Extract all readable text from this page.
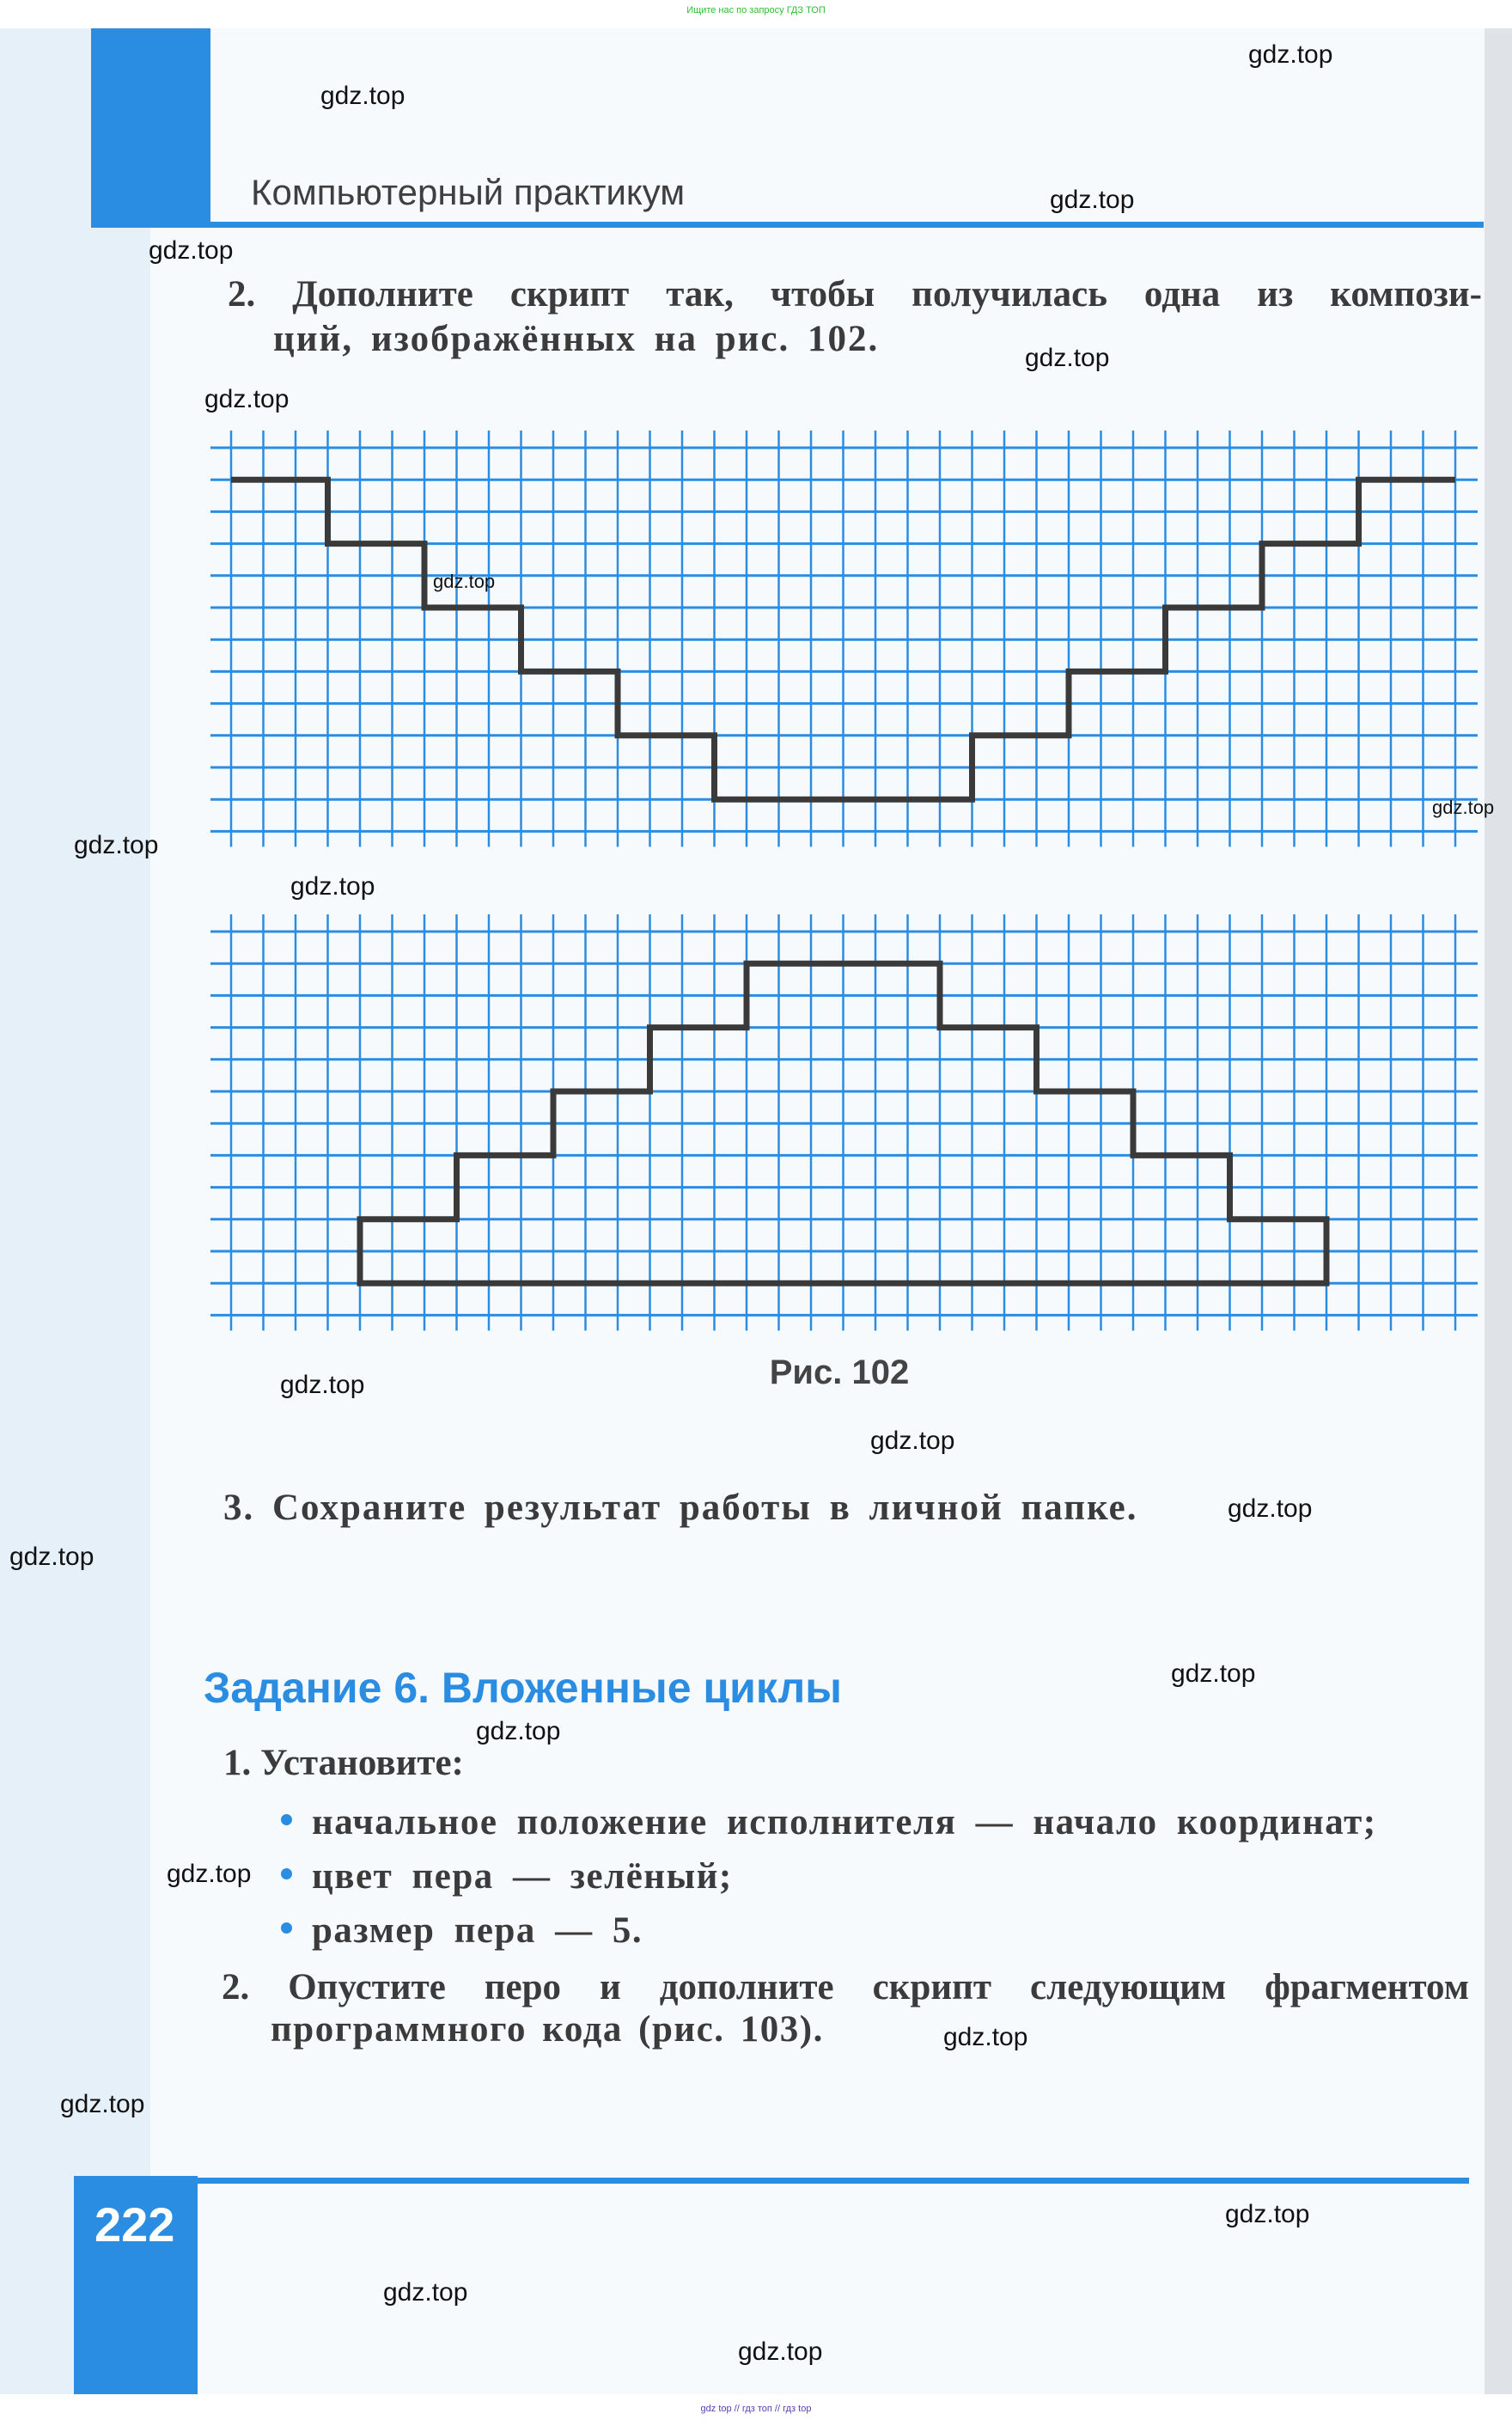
Ищите нас по запросу ГДЗ ТОП
Компьютерный практикум
2. Дополните скрипт так, чтобы получилась одна из компози-
ций, изображённых на рис. 102.
Рис. 102
3. Сохраните результат работы в личной папке.
Задание 6. Вложенные циклы
1. Установите:
начальное положение исполнителя — начало координат;
цвет пера — зелёный;
размер пера — 5.
2. Опустите перо и дополните скрипт следующим фрагментом
программного кода (рис. 103).
222
gdz top // гдз топ // гдз top
gdz.top
gdz.top
gdz.top
gdz.top
gdz.top
gdz.top
gdz.top
gdz.top
gdz.top
gdz.top
gdz.top
gdz.top
gdz.top
gdz.top
gdz.top
gdz.top
gdz.top
gdz.top
gdz.top
gdz.top
gdz.top
gdz.top
